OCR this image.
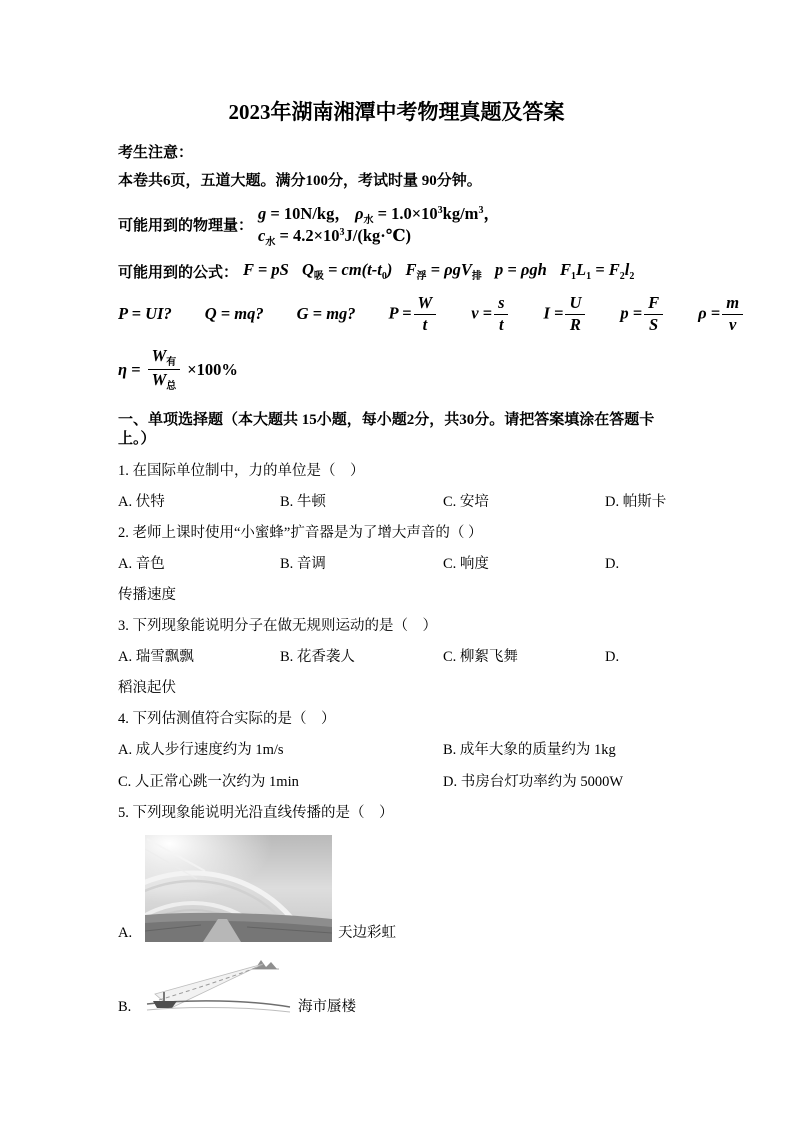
2023年湖南湘潭中考物理真题及答案

考生注意：

本卷共6页，五道大题。满分100分，考试时量 90分钟。

可能用到的物理量：
g = 10N/kg， $\rho_水 = 1.0\times 10^3kg/m^3$， $c_水$ = $4.2\times 10^3J/(kg\cdot℃)$
可能用到的公式： F = pS $Q_吸 = cm(t-t_0) F_浮 = \rho gV_排$ p = ρgh $F_1L_1 = F_2l_2$
P = UI? Q = mq? G = mg? $P = \frac{W}{t}$ $v = \frac{s}{t}$ $I = \frac{U}{R}$ $p = \frac{F}{S}$ $\rho = \frac{m}{v}$
$\eta = \frac{W_有}{W_总} \times 100\%$

一、单项选择题（本大题共 15小题，每小题2分，共30分。请把答案填涂在答题卡上。）

1. 在国际单位制中，力的单位是（　）

A. 伏特	B. 牛顿	C. 安培	D. 帕斯卡

2. 老师上课时使用“小蜜蜂”扩音器是为了增大声音的（ ）

A. 音色	B. 音调	C. 响度	D.

传播速度

3. 下列现象能说明分子在做无规则运动的是（　）

A. 瑞雪飘飘	B. 花香袭人	C. 柳絮飞舞	D.

稻浪起伏

4. 下列估测值符合实际的是（　）

A. 成人步行速度约为 1m/s	B. 成年大象的质量约为 1kg
C. 人正常心跳一次约为 1min	D. 书房台灯功率约为 5000W

5. 下列现象能说明光沿直线传播的是（　）

A.	天边彩虹
B.	海市蜃楼
